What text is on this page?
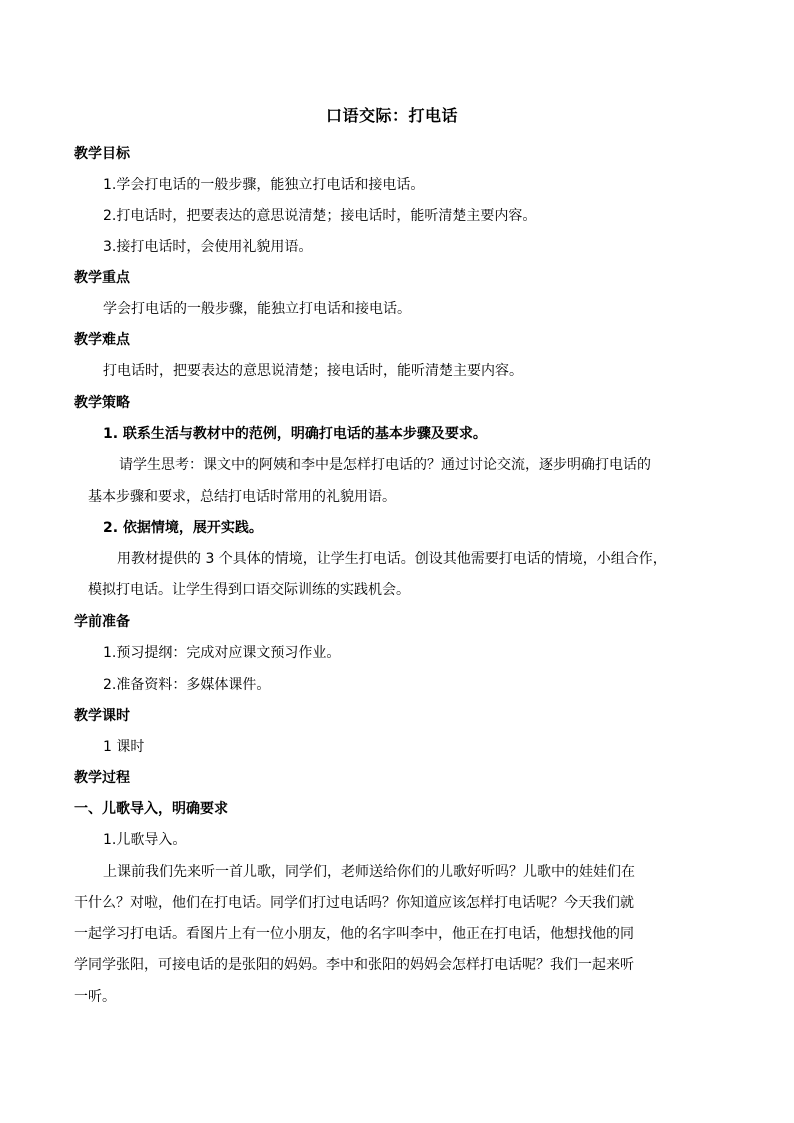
口语交际：打电话
教学目标
1.学会打电话的一般步骤，能独立打电话和接电话。
2.打电话时，把要表达的意思说清楚；接电话时，能听清楚主要内容。
3.接打电话时，会使用礼貌用语。
教学重点
学会打电话的一般步骤，能独立打电话和接电话。
教学难点
打电话时，把要表达的意思说清楚；接电话时，能听清楚主要内容。
教学策略
1. 联系生活与教材中的范例，明确打电话的基本步骤及要求。
请学生思考：课文中的阿姨和李中是怎样打电话的？通过讨论交流，逐步明确打电话的
基本步骤和要求，总结打电话时常用的礼貌用语。
2. 依据情境，展开实践。
用教材提供的 3 个具体的情境，让学生打电话。创设其他需要打电话的情境，小组合作，
模拟打电话。让学生得到口语交际训练的实践机会。
学前准备
1.预习提纲：完成对应课文预习作业。
2.准备资料：多媒体课件。
教学课时
1 课时
教学过程
一、儿歌导入，明确要求
1.儿歌导入。
上课前我们先来听一首儿歌，同学们，老师送给你们的儿歌好听吗？儿歌中的娃娃们在
干什么？对啦，他们在打电话。同学们打过电话吗？你知道应该怎样打电话呢？今天我们就
一起学习打电话。看图片上有一位小朋友，他的名字叫李中，他正在打电话，他想找他的同
学同学张阳，可接电话的是张阳的妈妈。李中和张阳的妈妈会怎样打电话呢？我们一起来听
一听。
